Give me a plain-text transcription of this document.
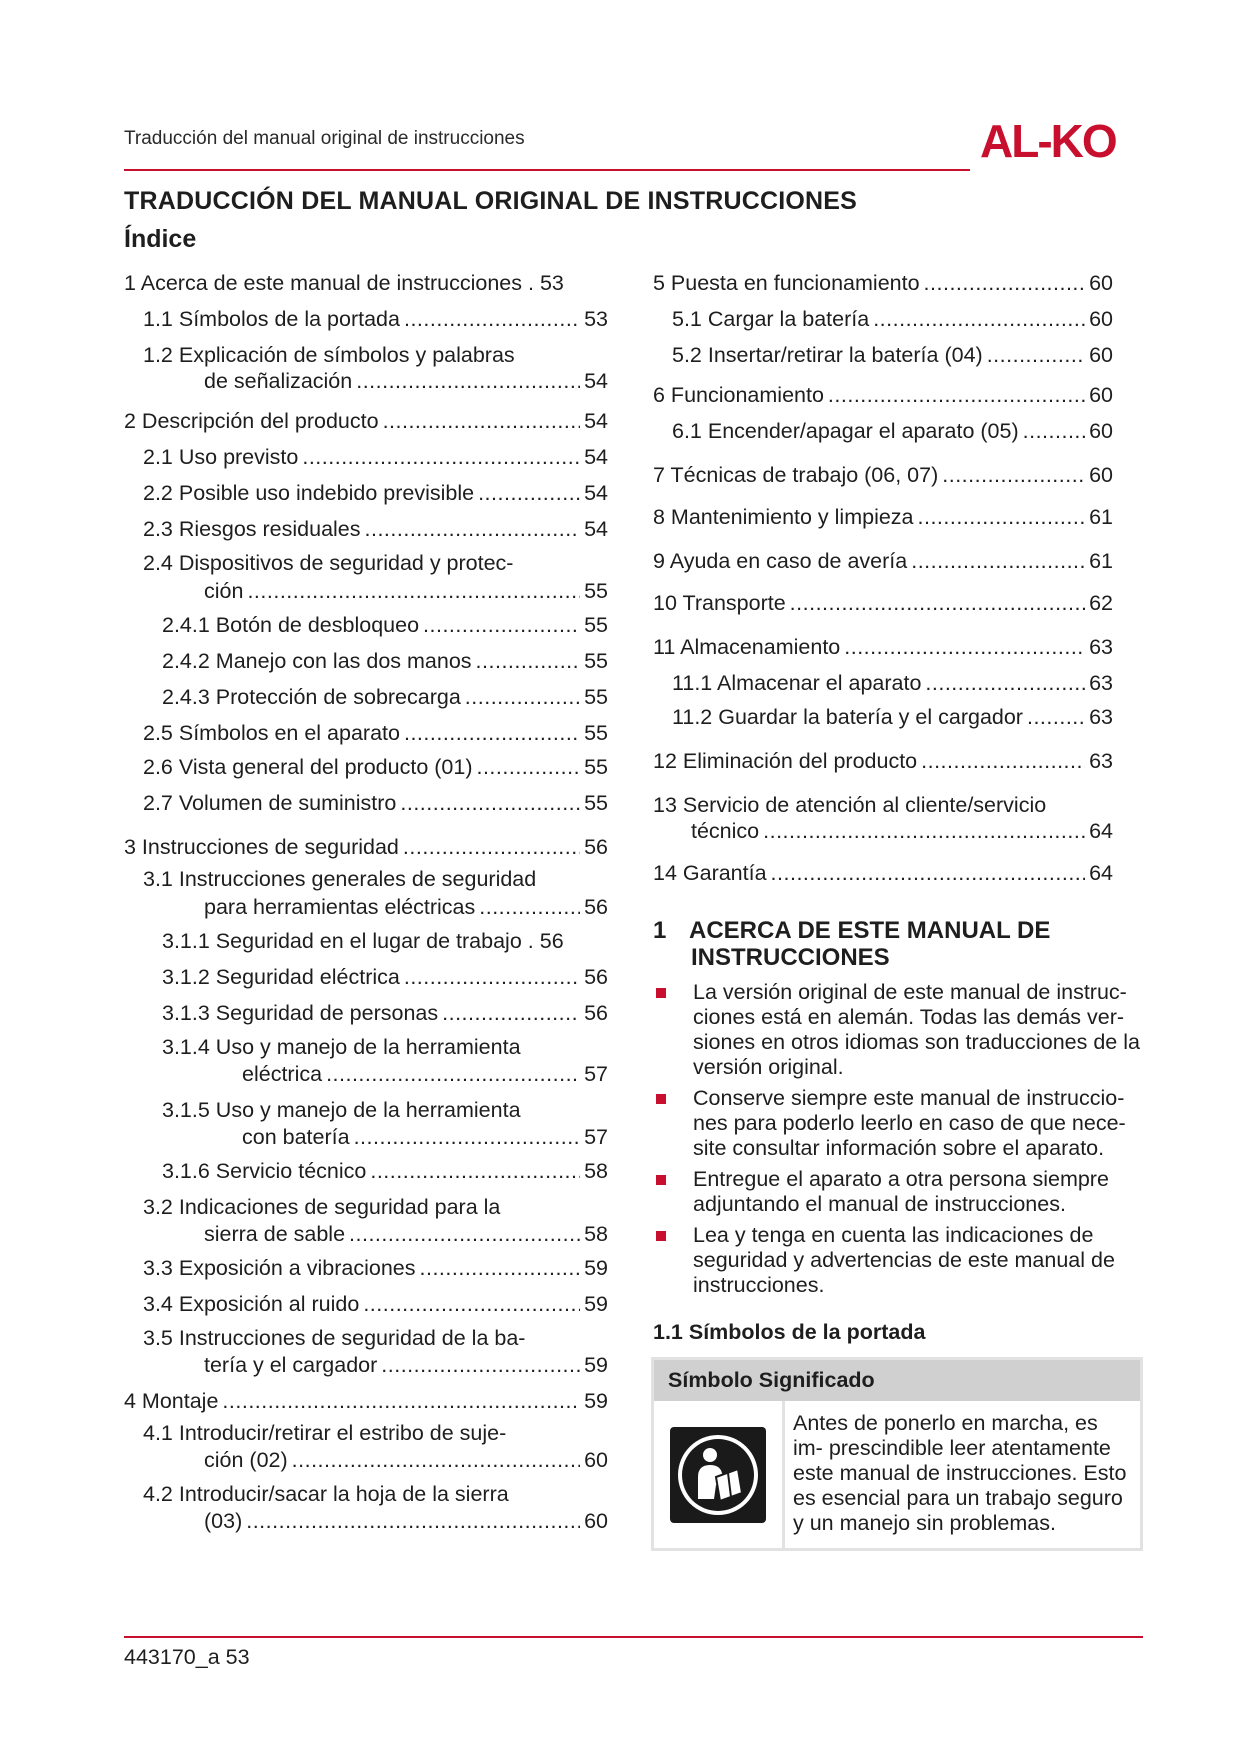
Traducción del manual original de instrucciones	AL-KO
TRADUCCIÓN DEL MANUAL ORIGINAL DE INSTRUCCIONES
Índice
1 Acerca de este manual de instrucciones . 53
1.1 Símbolos de la portada .....	53
1.2 Explicación de símbolos y palabras
de señalización .....	54
2 Descripción del producto .....	54
2.1 Uso previsto .....	54
2.2 Posible uso indebido previsible .....	54
2.3 Riesgos residuales .....	54
2.4 Dispositivos de seguridad y protec-
ción .....	55
2.4.1 Botón de desbloqueo .....	55
2.4.2 Manejo con las dos manos .....	55
2.4.3 Protección de sobrecarga .....	55
2.5 Símbolos en el aparato .....	55
2.6 Vista general del producto (01) .....	55
2.7 Volumen de suministro .....	55
3 Instrucciones de seguridad .....	56
3.1 Instrucciones generales de seguridad
para herramientas eléctricas .....	56
3.1.1 Seguridad en el lugar de trabajo . 56
3.1.2 Seguridad eléctrica .....	56
3.1.3 Seguridad de personas .....	56
3.1.4 Uso y manejo de la herramienta
eléctrica .....	57
3.1.5 Uso y manejo de la herramienta
con batería .....	57
3.1.6 Servicio técnico .....	58
3.2 Indicaciones de seguridad para la
sierra de sable .....	58
3.3 Exposición a vibraciones .....	59
3.4 Exposición al ruido .....	59
3.5 Instrucciones de seguridad de la ba-
tería y el cargador .....	59
4 Montaje .....	59
4.1 Introducir/retirar el estribo de suje-
ción (02) .....	60
4.2 Introducir/sacar la hoja de la sierra
(03) .....	60
5 Puesta en funcionamiento .....	60
5.1 Cargar la batería .....	60
5.2 Insertar/retirar la batería (04) .....	60
6 Funcionamiento .....	60
6.1 Encender/apagar el aparato (05) .....	60
7 Técnicas de trabajo (06, 07) .....	60
8 Mantenimiento y limpieza .....	61
9 Ayuda en caso de avería .....	61
10 Transporte .....	62
11 Almacenamiento .....	63
11.1 Almacenar el aparato .....	63
11.2 Guardar la batería y el cargador .....	63
12 Eliminación del producto .....	63
13 Servicio de atención al cliente/servicio
técnico .....	64
14 Garantía .....	64
1 ACERCA DE ESTE MANUAL DE
INSTRUCCIONES
La versión original de este manual de instruc- ciones está en alemán. Todas las demás ver- siones en otros idiomas son traducciones de la versión original.
Conserve siempre este manual de instruccio- nes para poderlo leerlo en caso de que nece- site consultar información sobre el aparato.
Entregue el aparato a otra persona siempre adjuntando el manual de instrucciones.
Lea y tenga en cuenta las indicaciones de seguridad y advertencias de este manual de instrucciones.
1.1 Símbolos de la portada
Símbolo Significado

	Antes de ponerlo en marcha, es im- prescindible leer atentamente este manual de instrucciones. Esto es esencial para un trabajo seguro y un manejo sin problemas.
443170_a 53
